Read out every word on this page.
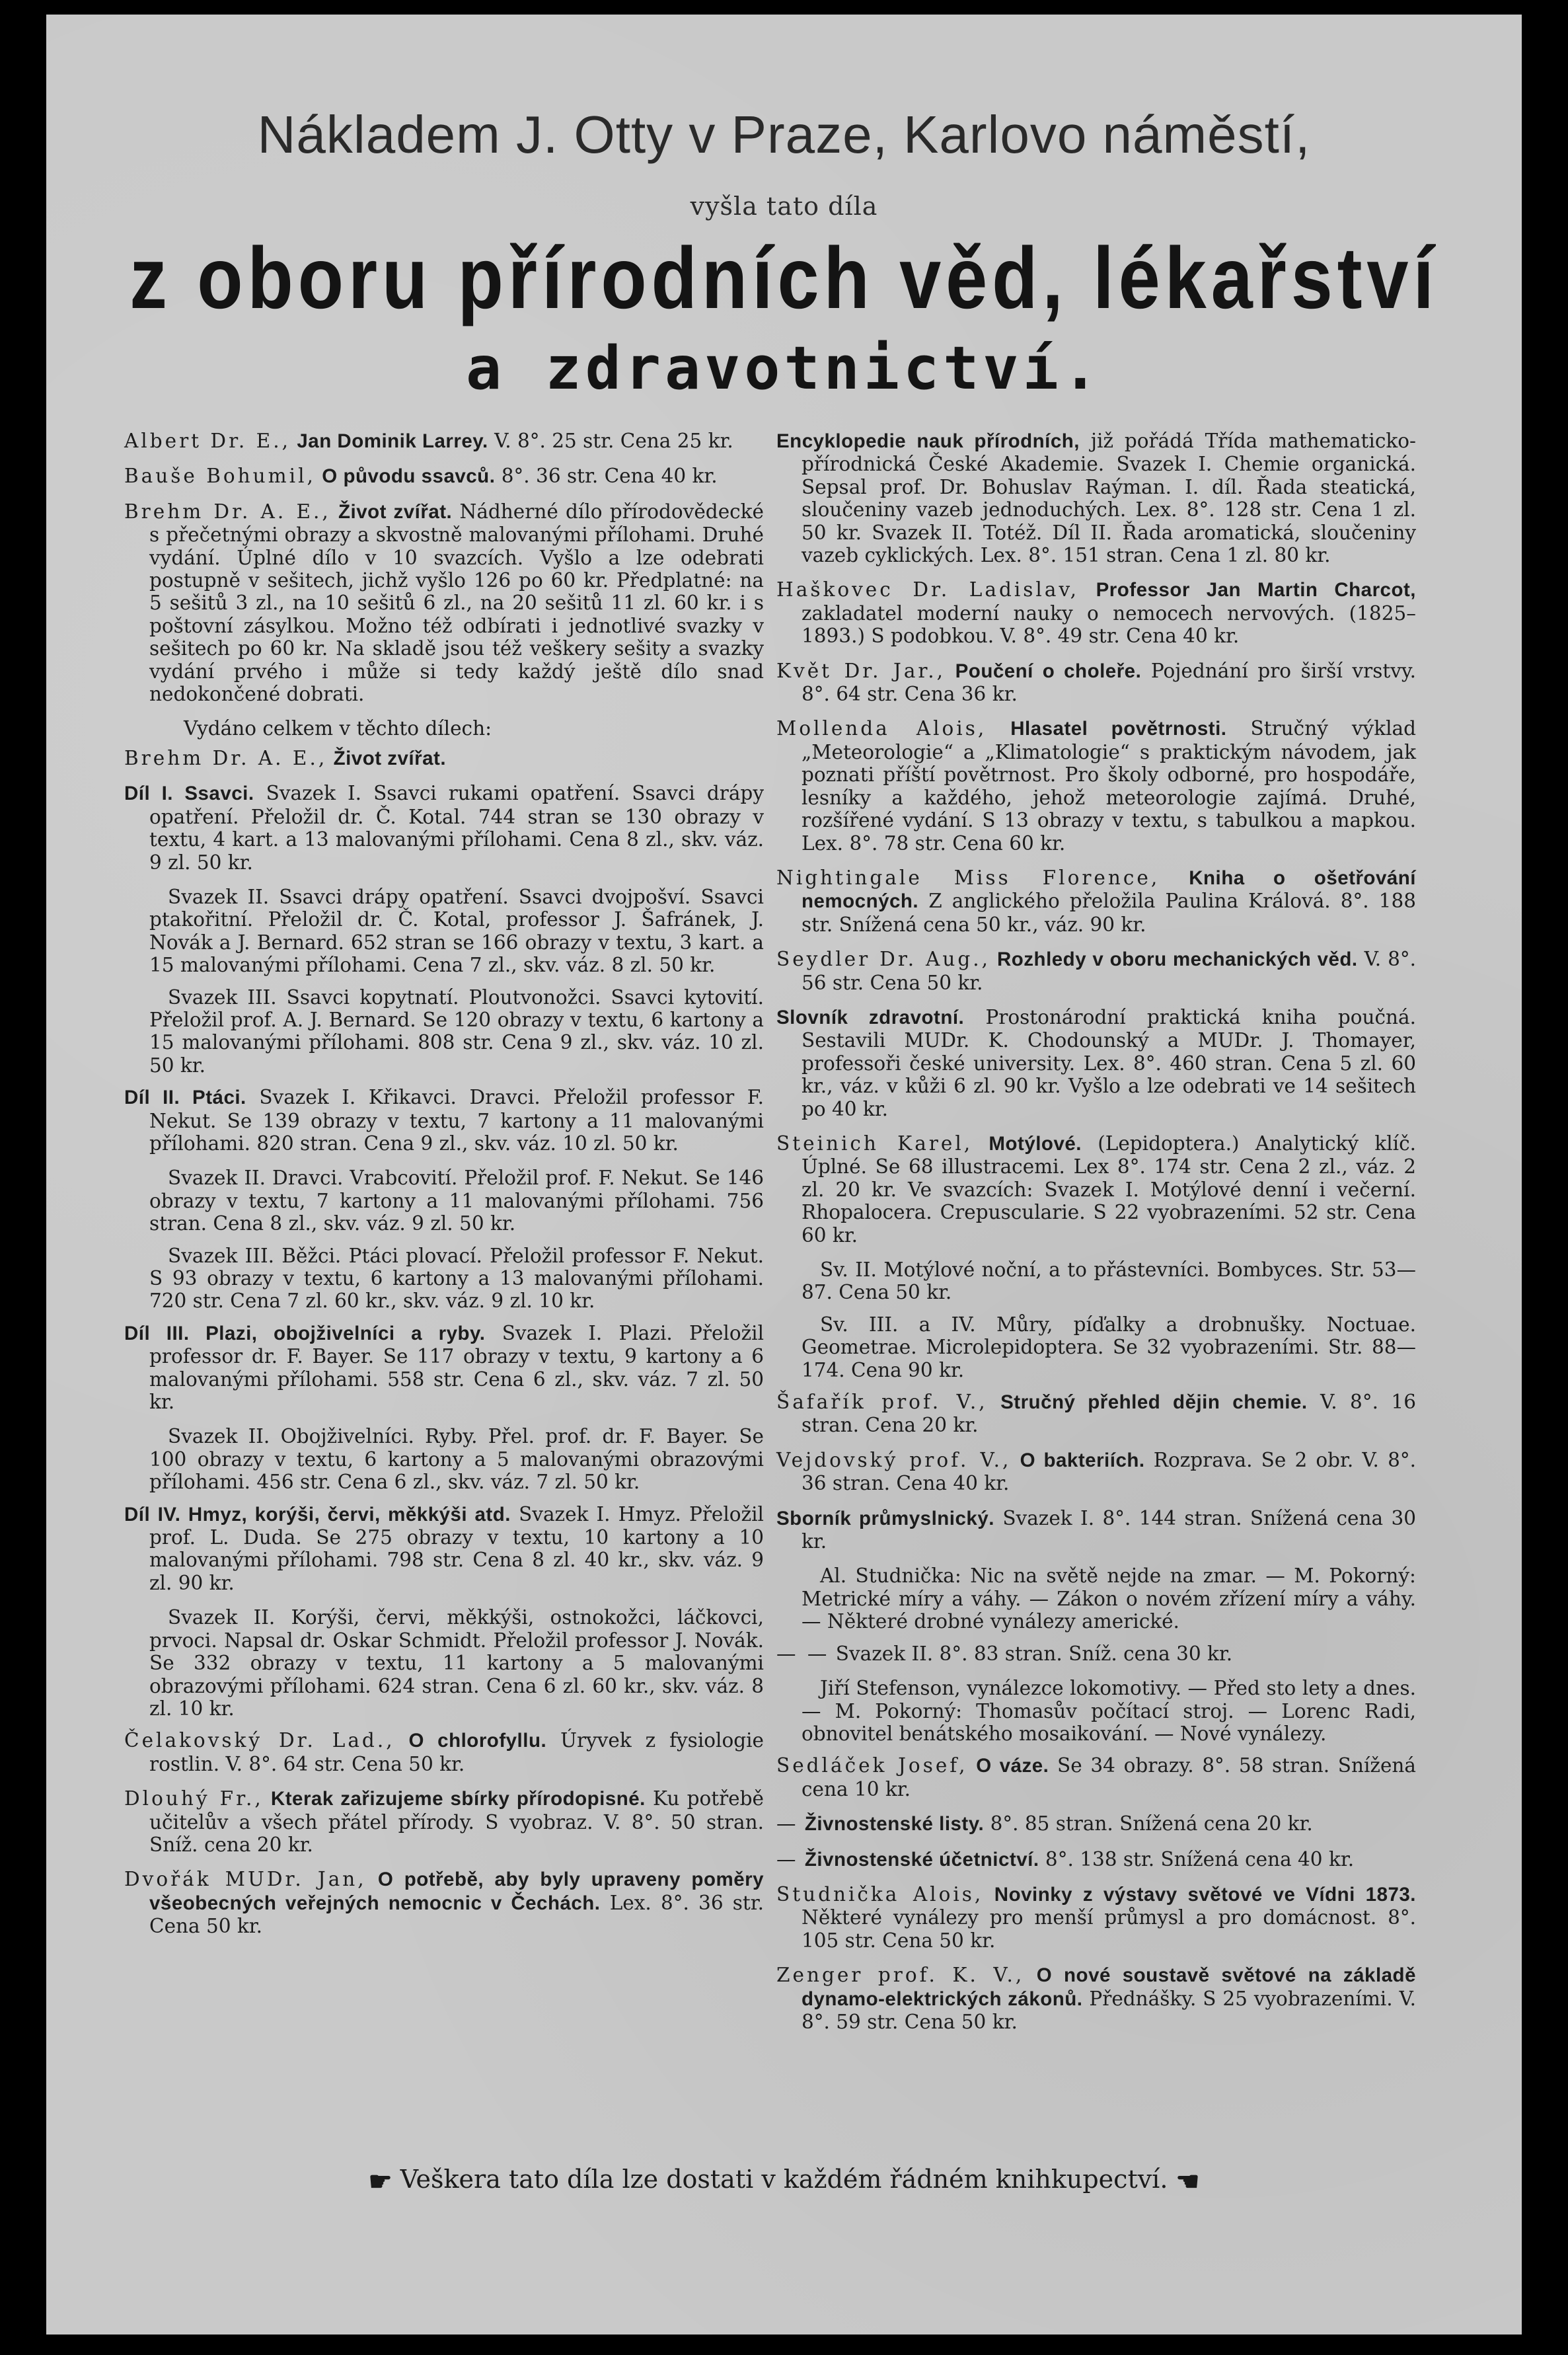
Nákladem J. Otty v Praze, Karlovo náměstí,
vyšla tato díla
z oboru přírodních věd, lékařství
a zdravotnictví.
Albert Dr. E., Jan Dominik Larrey. V. 8°. 25 str. Cena 25 kr.
Bauše Bohumil, O původu ssavců. 8°. 36 str. Cena 40 kr.
Brehm Dr. A. E., Život zvířat. Nádherné dílo přírodovědecké s přečetnými obrazy a skvostně malovanými přílohami. Druhé vydání. Úplné dílo v 10 svazcích. Vyšlo a lze odebrati postupně v sešitech, jichž vyšlo 126 po 60 kr. Předplatné: na 5 sešitů 3 zl., na 10 sešitů 6 zl., na 20 sešitů 11 zl. 60 kr. i s poštovní zásylkou. Možno též odbírati i jednotlivé svazky v sešitech po 60 kr. Na skladě jsou též veškery sešity a svazky vydání prvého i může si tedy každý ještě dílo snad nedokončené dobrati.
Vydáno celkem v těchto dílech:
Brehm Dr. A. E., Život zvířat.
Díl I. Ssavci. Svazek I. Ssavci rukami opatření. Ssavci drápy opatření. Přeložil dr. Č. Kotal. 744 stran se 130 obrazy v textu, 4 kart. a 13 malovanými přílohami. Cena 8 zl., skv. váz. 9 zl. 50 kr.
Svazek II. Ssavci drápy opatření. Ssavci dvojpošví. Ssavci ptakořitní. Přeložil dr. Č. Kotal, professor J. Šafránek, J. Novák a J. Bernard. 652 stran se 166 obrazy v textu, 3 kart. a 15 malovanými přílohami. Cena 7 zl., skv. váz. 8 zl. 50 kr.
Svazek III. Ssavci kopytnatí. Ploutvonožci. Ssavci kytovití. Přeložil prof. A. J. Bernard. Se 120 obrazy v textu, 6 kartony a 15 malovanými přílohami. 808 str. Cena 9 zl., skv. váz. 10 zl. 50 kr.
Díl II. Ptáci. Svazek I. Křikavci. Dravci. Přeložil professor F. Nekut. Se 139 obrazy v textu, 7 kartony a 11 malovanými přílohami. 820 stran. Cena 9 zl., skv. váz. 10 zl. 50 kr.
Svazek II. Dravci. Vrabcovití. Přeložil prof. F. Nekut. Se 146 obrazy v textu, 7 kartony a 11 malovanými přílohami. 756 stran. Cena 8 zl., skv. váz. 9 zl. 50 kr.
Svazek III. Běžci. Ptáci plovací. Přeložil professor F. Nekut. S 93 obrazy v textu, 6 kartony a 13 malovanými přílohami. 720 str. Cena 7 zl. 60 kr., skv. váz. 9 zl. 10 kr.
Díl III. Plazi, obojživelníci a ryby. Svazek I. Plazi. Přeložil professor dr. F. Bayer. Se 117 obrazy v textu, 9 kartony a 6 malovanými přílohami. 558 str. Cena 6 zl., skv. váz. 7 zl. 50 kr.
Svazek II. Obojživelníci. Ryby. Přel. prof. dr. F. Bayer. Se 100 obrazy v textu, 6 kartony a 5 malovanými obrazovými přílohami. 456 str. Cena 6 zl., skv. váz. 7 zl. 50 kr.
Díl IV. Hmyz, korýši, červi, měkkýši atd. Svazek I. Hmyz. Přeložil prof. L. Duda. Se 275 obrazy v textu, 10 kartony a 10 malovanými přílohami. 798 str. Cena 8 zl. 40 kr., skv. váz. 9 zl. 90 kr.
Svazek II. Korýši, červi, měkkýši, ostnokožci, láčkovci, prvoci. Napsal dr. Oskar Schmidt. Přeložil professor J. Novák. Se 332 obrazy v textu, 11 kartony a 5 malovanými obrazovými přílohami. 624 stran. Cena 6 zl. 60 kr., skv. váz. 8 zl. 10 kr.
Čelakovský Dr. Lad., O chlorofyllu. Úryvek z fysiologie rostlin. V. 8°. 64 str. Cena 50 kr.
Dlouhý Fr., Kterak zařizujeme sbírky přírodopisné. Ku potřebě učitelův a všech přátel přírody. S vyobraz. V. 8°. 50 stran. Sníž. cena 20 kr.
Dvořák MUDr. Jan, O potřebě, aby byly upraveny poměry všeobecných veřejných nemocnic v Čechách. Lex. 8°. 36 str. Cena 50 kr.
Encyklopedie nauk přírodních, již pořádá Třída mathematicko-přírodnická České Akademie. Svazek I. Chemie organická. Sepsal prof. Dr. Bohuslav Raýman. I. díl. Řada steatická, sloučeniny vazeb jednoduchých. Lex. 8°. 128 str. Cena 1 zl. 50 kr. Svazek II. Totéž. Díl II. Řada aromatická, sloučeniny vazeb cyklických. Lex. 8°. 151 stran. Cena 1 zl. 80 kr.
Haškovec Dr. Ladislav, Professor Jan Martin Charcot, zakladatel moderní nauky o nemocech nervových. (1825–1893.) S podobkou. V. 8°. 49 str. Cena 40 kr.
Květ Dr. Jar., Poučení o choleře. Pojednání pro širší vrstvy. 8°. 64 str. Cena 36 kr.
Mollenda Alois, Hlasatel povětrnosti. Stručný výklad „Meteorologie“ a „Klimatologie“ s praktickým návodem, jak poznati příští povětrnost. Pro školy odborné, pro hospodáře, lesníky a každého, jehož meteorologie zajímá. Druhé, rozšířené vydání. S 13 obrazy v textu, s tabulkou a mapkou. Lex. 8°. 78 str. Cena 60 kr.
Nightingale Miss Florence, Kniha o ošetřování nemocných. Z anglického přeložila Paulina Králová. 8°. 188 str. Snížená cena 50 kr., váz. 90 kr.
Seydler Dr. Aug., Rozhledy v oboru mechanických věd. V. 8°. 56 str. Cena 50 kr.
Slovník zdravotní. Prostonárodní praktická kniha poučná. Sestavili MUDr. K. Chodounský a MUDr. J. Thomayer, professoři české university. Lex. 8°. 460 stran. Cena 5 zl. 60 kr., váz. v kůži 6 zl. 90 kr. Vyšlo a lze odebrati ve 14 sešitech po 40 kr.
Steinich Karel, Motýlové. (Lepidoptera.) Analytický klíč. Úplné. Se 68 illustracemi. Lex 8°. 174 str. Cena 2 zl., váz. 2 zl. 20 kr. Ve svazcích: Svazek I. Motýlové denní i večerní. Rhopalocera. Crepuscularie. S 22 vyobrazeními. 52 str. Cena 60 kr.
Sv. II. Motýlové noční, a to přástevníci. Bombyces. Str. 53—87. Cena 50 kr.
Sv. III. a IV. Můry, píďalky a drobnušky. Noctuae. Geometrae. Microlepidoptera. Se 32 vyobrazeními. Str. 88—174. Cena 90 kr.
Šafařík prof. V., Stručný přehled dějin chemie. V. 8°. 16 stran. Cena 20 kr.
Vejdovský prof. V., O bakteriích. Rozprava. Se 2 obr. V. 8°. 36 stran. Cena 40 kr.
Sborník průmyslnický. Svazek I. 8°. 144 stran. Snížená cena 30 kr.
Al. Studnička: Nic na světě nejde na zmar. — M. Pokorný: Metrické míry a váhy. — Zákon o novém zřízení míry a váhy. — Některé drobné vynálezy americké.
— — Svazek II. 8°. 83 stran. Sníž. cena 30 kr.
Jiří Stefenson, vynálezce lokomotivy. — Před sto lety a dnes. — M. Pokorný: Thomasův počítací stroj. — Lorenc Radi, obnovitel benátského mosaikování. — Nové vynálezy.
Sedláček Josef, O váze. Se 34 obrazy. 8°. 58 stran. Snížená cena 10 kr.
— Živnostenské listy. 8°. 85 stran. Snížená cena 20 kr.
— Živnostenské účetnictví. 8°. 138 str. Snížená cena 40 kr.
Studnička Alois, Novinky z výstavy světové ve Vídni 1873. Některé vynálezy pro menší průmysl a pro domácnost. 8°. 105 str. Cena 50 kr.
Zenger prof. K. V., O nové soustavě světové na základě dynamo-elektrických zákonů. Přednášky. S 25 vyobrazeními. V. 8°. 59 str. Cena 50 kr.
☛ Veškera tato díla lze dostati v každém řádném knihkupectví. ☚
